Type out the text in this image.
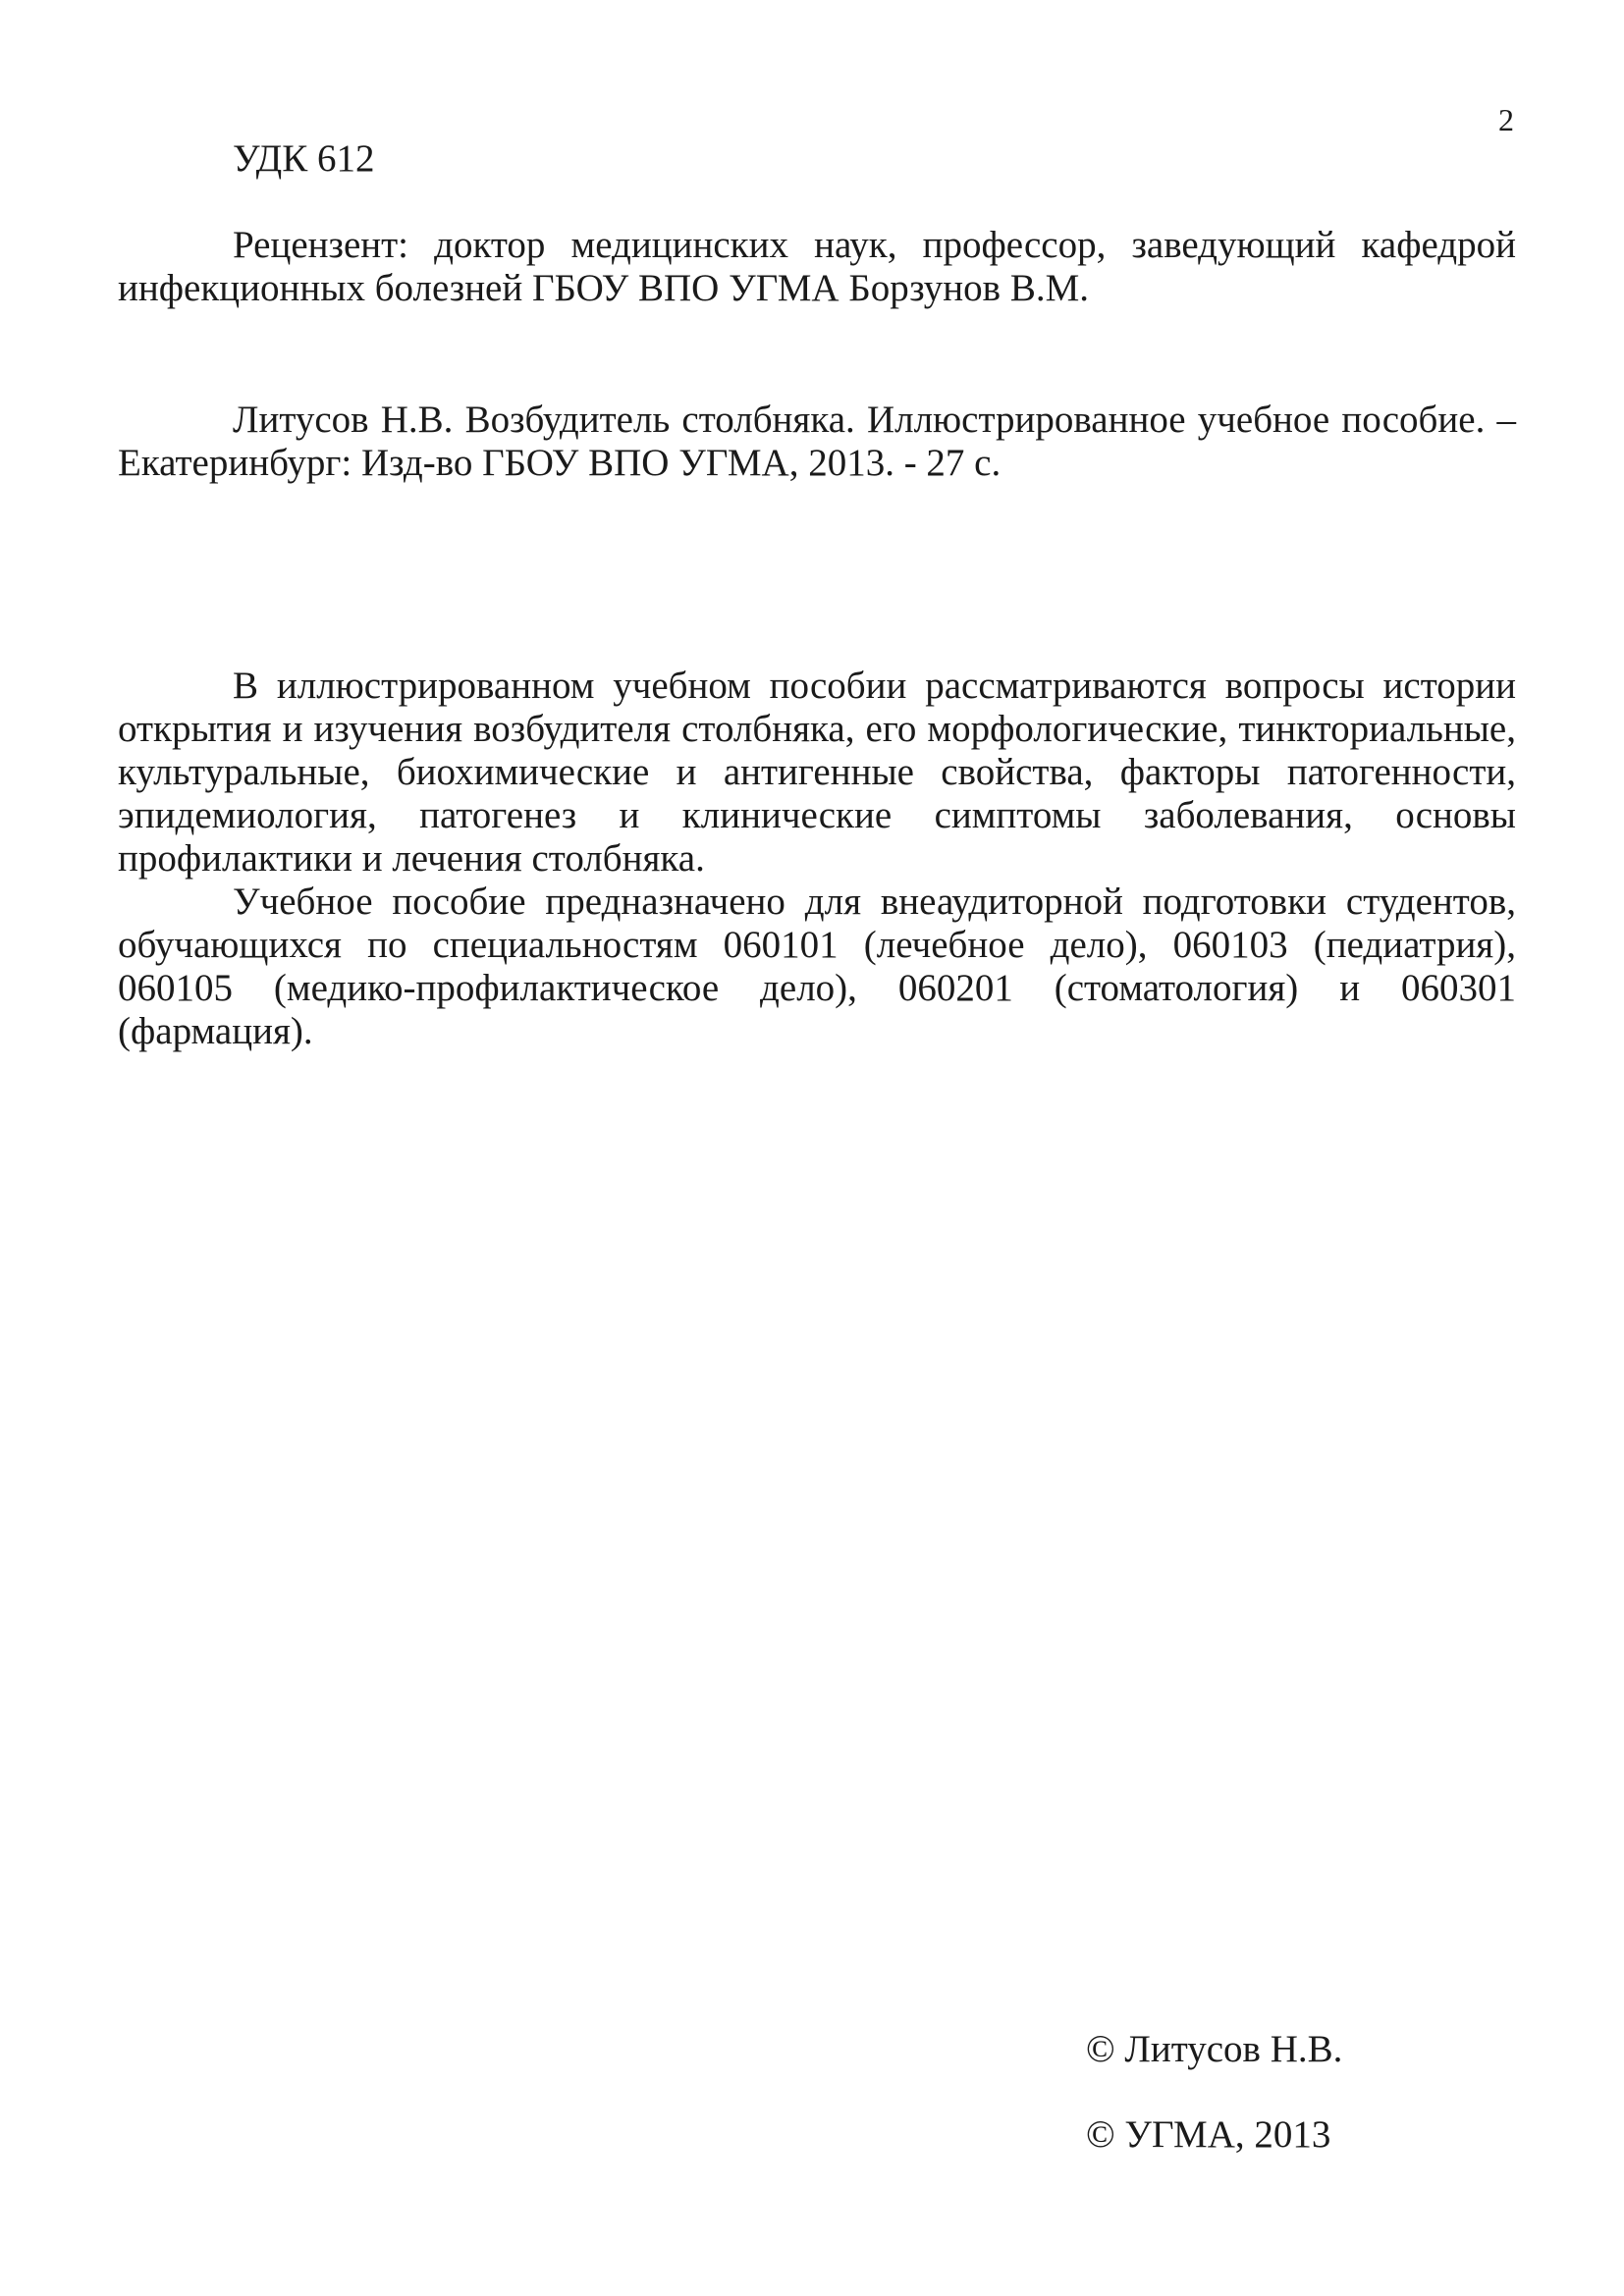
2

УДК 612

Рецензент: доктор медицинских наук, профессор, заведующий кафедрой инфекционных болезней ГБОУ ВПО УГМА Борзунов В.М.

Литусов Н.В. Возбудитель столбняка. Иллюстрированное учебное пособие. – Екатеринбург: Изд-во ГБОУ ВПО УГМА, 2013. - 27 с.

В иллюстрированном учебном пособии рассматриваются вопросы истории открытия и изучения возбудителя столбняка, его морфологические, тинкториальные, культуральные, биохимические и антигенные свойства, факторы патогенности, эпидемиология, патогенез и клинические симптомы заболевания, основы профилактики и лечения столбняка.

Учебное пособие предназначено для внеаудиторной подготовки студентов, обучающихся по специальностям 060101 (лечебное дело), 060103 (педиатрия), 060105 (медико-профилактическое дело), 060201 (стоматология) и 060301 (фармация).

© Литусов Н.В.

© УГМА, 2013
